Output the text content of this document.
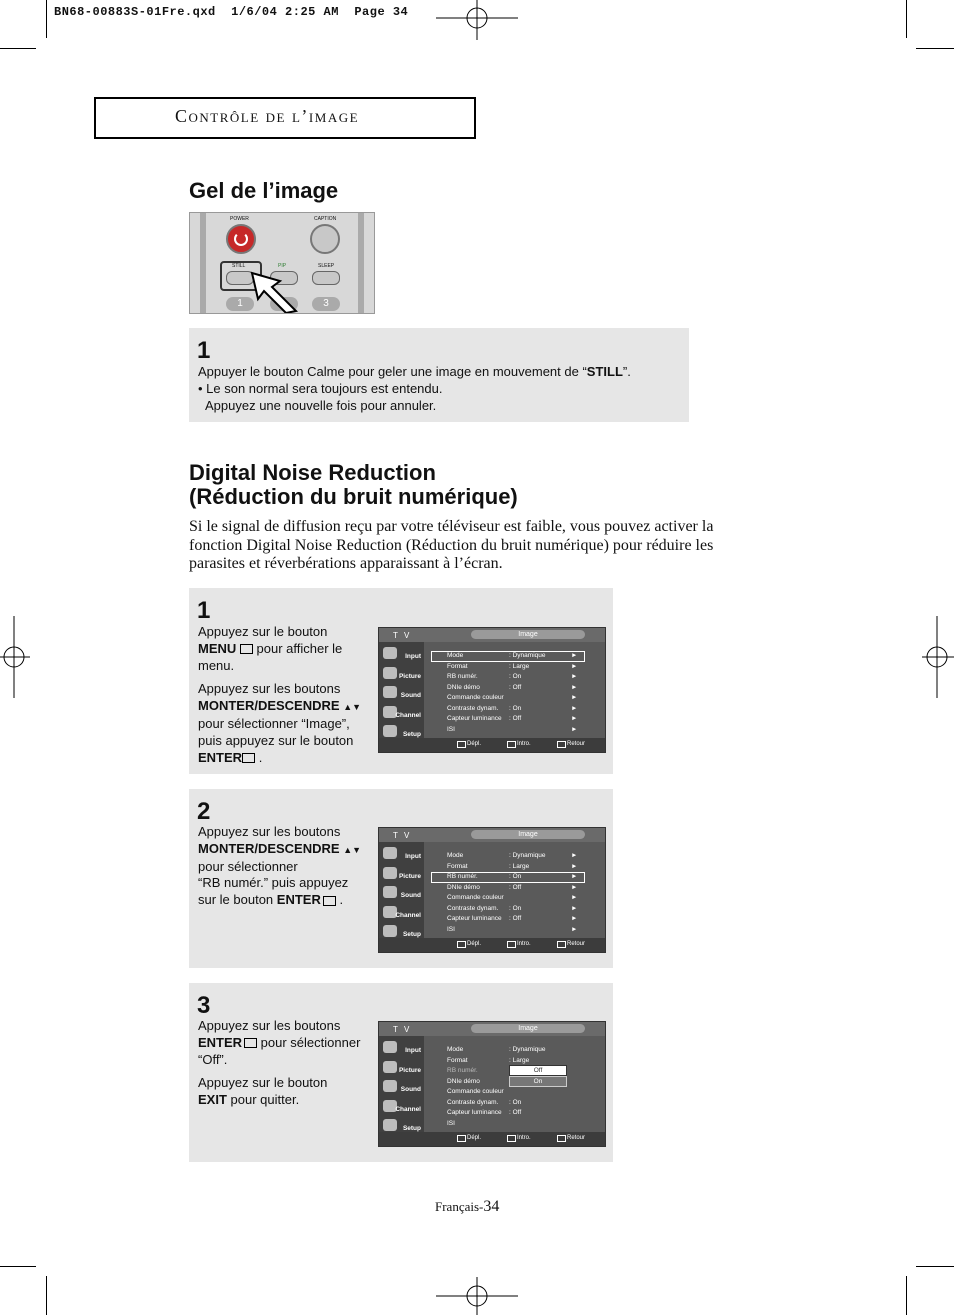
BN68-00883S-01Fre.qxd  1/6/04 2:25 AM  Page 34
Contrôle de l’image
Gel de l’image
POWER	CAPTION
STILL	PIP	SLEEP
1	3
1
Appuyer le bouton Calme pour geler une image en mouvement de “STILL”.
• Le son normal sera toujours est entendu.
Appuyez une nouvelle fois pour annuler.
Digital Noise Reduction
(Réduction du bruit numérique)
Si le signal de diffusion reçu par votre téléviseur est faible, vous pouvez activer la
fonction Digital Noise Reduction (Réduction du bruit numérique) pour réduire les
parasites et réverbérations apparaissant à l’écran.
1
Appuyez sur le bouton
MENU  pour afficher le
menu.
Appuyez sur les boutons
MONTER/DESCENDRE ▲▼
pour sélectionner “Image”,
puis appuyez sur le bouton
ENTER .
2
Appuyez sur les boutons
MONTER/DESCENDRE ▲▼
pour sélectionner
“RB numér.” puis appuyez
sur le bouton ENTER .
3
Appuyez sur les boutons
ENTER pour sélectionner
“Off”.
Appuyez sur le bouton
EXIT pour quitter.
T V	Image
Input
Picture
Sound
Channel
Setup
Mode	: Dynamique	►
Format	: Large	►
RB numér.	: On	►
DNIe démo	: Off	►
Commande couleur	►
Contraste dynam. : On	►
Capteur luminance : Off	►
ISI	►
Dépl.	Intro.	Retour
T V	Image
Input
Picture
Sound
Channel
Setup
Mode	: Dynamique	►
Format	: Large	►
RB numér.	: On	►
DNIe démo	: Off	►
Commande couleur	►
Contraste dynam. : On	►
Capteur luminance : Off	►
ISI	►
Dépl.	Intro.	Retour
T V	Image
Input
Picture
Sound
Channel
Setup
Mode	: Dynamique
Format	: Large
RB numér.
DNIe démo
Commande couleur
Contraste dynam. : On
Capteur luminance : Off
ISI
Off
On
Dépl.	Intro.	Retour
Français-34
